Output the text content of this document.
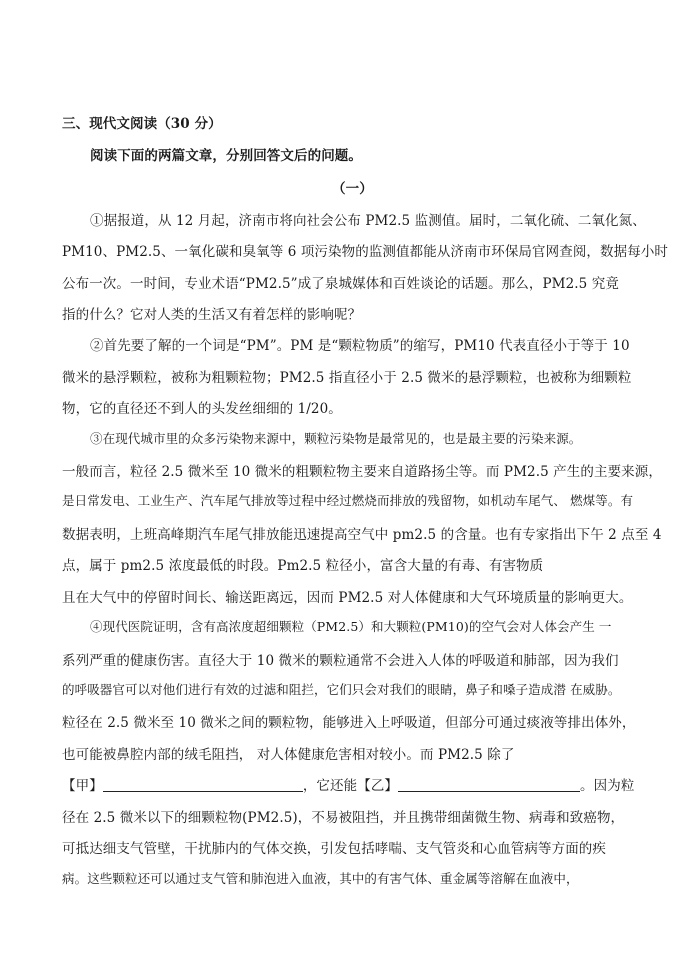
三、现代文阅读（30 分）
阅读下面的两篇文章，分别回答文后的问题。
（一）
①据报道，从 12 月起，济南市将向社会公布 PM2.5 监测值。届时，二氧化硫、二氧化氮、
PM10、PM2.5、一氧化碳和臭氧等 6 项污染物的监测值都能从济南市环保局官网查阅，数据每小时
公布一次。一时间，专业术语“PM2.5”成了泉城媒体和百姓谈论的话题。那么，PM2.5 究竟
指的什么？它对人类的生活又有着怎样的影响呢？
②首先要了解的一个词是“PM”。PM 是“颗粒物质”的缩写，PM10 代表直径小于等于 10
微米的悬浮颗粒，被称为粗颗粒物；PM2.5 指直径小于 2.5 微米的悬浮颗粒，也被称为细颗粒
物，它的直径还不到人的头发丝细细的 1/20。
③在现代城市里的众多污染物来源中，颗粒污染物是最常见的，也是最主要的污染来源。
一般而言，粒径 2.5 微米至 10 微米的粗颗粒物主要来自道路扬尘等。而 PM2.5 产生的主要来源，
是日常发电、工业生产、汽车尾气排放等过程中经过燃烧而排放的残留物，如机动车尾气、 燃煤等。有
数据表明，上班高峰期汽车尾气排放能迅速提高空气中 pm2.5 的含量。也有专家指出下午 2 点至 4
点，属于 pm2.5 浓度最低的时段。Pm2.5 粒径小，富含大量的有毒、有害物质
且在大气中的停留时间长、输送距离远，因而 PM2.5 对人体健康和大气环境质量的影响更大。
④现代医院证明，含有高浓度超细颗粒（PM2.5）和大颗粒(PM10)的空气会对人体会产生 一
系列严重的健康伤害。直径大于 10 微米的颗粒通常不会进入人体的呼吸道和肺部，因为我们
的呼吸器官可以对他们进行有效的过滤和阻拦，它们只会对我们的眼睛，鼻子和嗓子造成潜 在威胁。
粒径在 2.5 微米至 10 微米之间的颗粒物，能够进入上呼吸道，但部分可通过痰液等排出体外，
也可能被鼻腔内部的绒毛阻挡， 对人体健康危害相对较小。而 PM2.5 除了
【甲】	，它还能【乙】	。因为粒
径在 2.5 微米以下的细颗粒物(PM2.5)，不易被阻挡，并且携带细菌微生物、病毒和致癌物，
可抵达细支气管壁，干扰肺内的气体交换，引发包括哮喘、支气管炎和心血管病等方面的疾
病。这些颗粒还可以通过支气管和肺泡进入血液，其中的有害气体、重金属等溶解在血液中，
